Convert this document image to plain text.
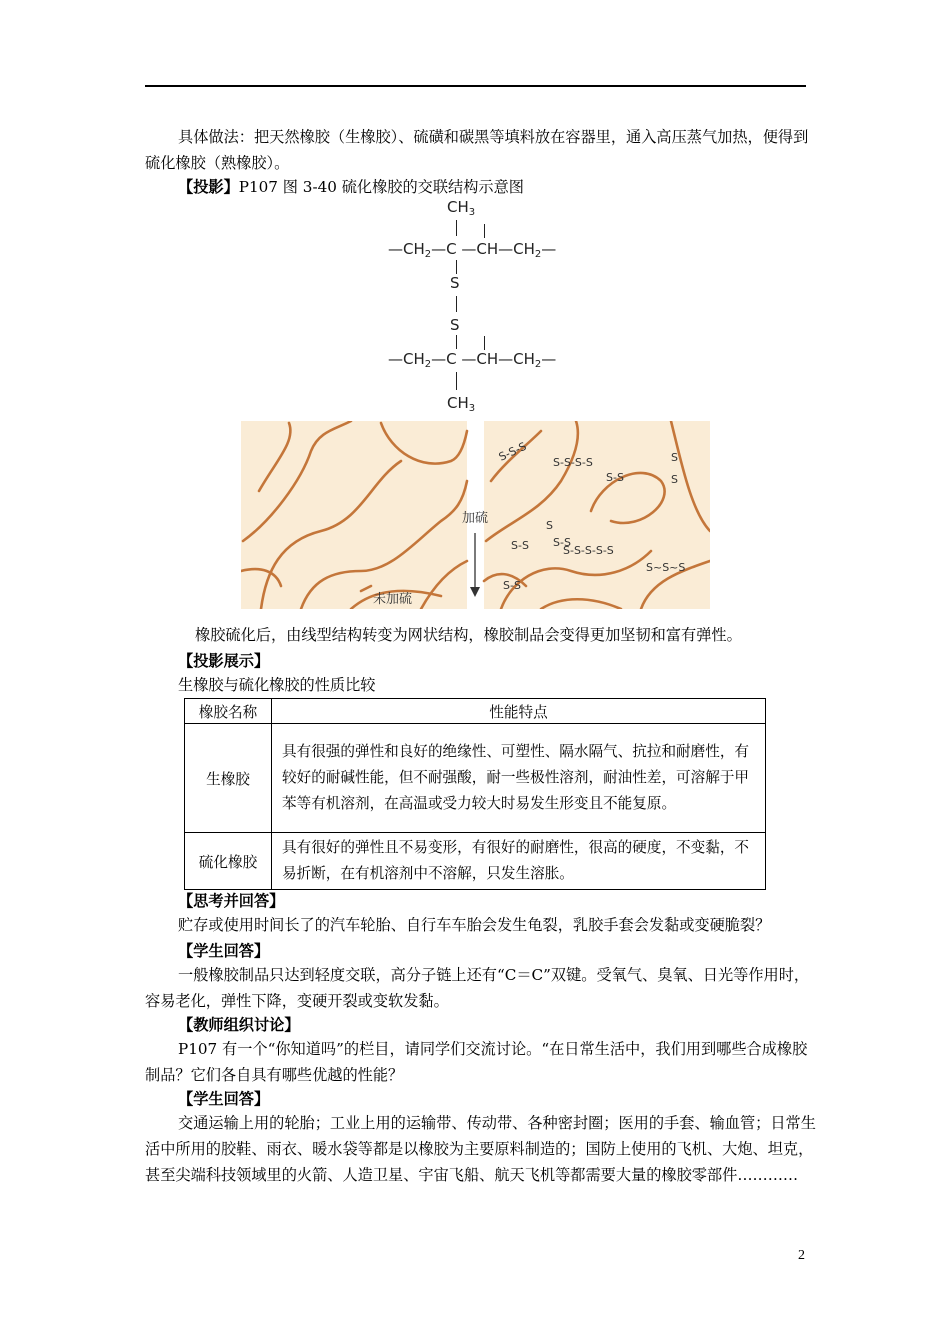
具体做法：把天然橡胶（生橡胶）、硫磺和碳黑等填料放在容器里，通入高压蒸气加热，便得到硫化橡胶（熟橡胶）。
【投影】P107 图 3-40 硫化橡胶的交联结构示意图
$CH_3$
$—CH_2—C$ $—CH—CH_2—$
S
S
$—CH_2—C$ $—CH—CH_2—$
$CH_3$
S-S-S S-S-S-S
S-S
S
S
S
S-S
S-S	S-S-S-S-S
S~S~S
S-S
加硫
未加硫
橡胶硫化后，由线型结构转变为网状结构，橡胶制品会变得更加坚韧和富有弹性。
【投影展示】
生橡胶与硫化橡胶的性质比较
橡胶名称	性能特点
生橡胶	具有很强的弹性和良好的绝缘性、可塑性、隔水隔气、抗拉和耐磨性，有较好的耐碱性能，但不耐强酸，耐一些极性溶剂，耐油性差，可溶解于甲苯等有机溶剂，在高温或受力较大时易发生形变且不能复原。
硫化橡胶	具有很好的弹性且不易变形，有很好的耐磨性，很高的硬度，不变黏，不易折断，在有机溶剂中不溶解，只发生溶胀。
【思考并回答】
贮存或使用时间长了的汽车轮胎、自行车车胎会发生龟裂，乳胶手套会发黏或变硬脆裂？
【学生回答】
一般橡胶制品只达到轻度交联，高分子链上还有“C＝C”双键。受氧气、臭氧、日光等作用时，容易老化，弹性下降，变硬开裂或变软发黏。
【教师组织讨论】
P107 有一个“你知道吗”的栏目，请同学们交流讨论。“在日常生活中，我们用到哪些合成橡胶制品？它们各自具有哪些优越的性能？
【学生回答】
交通运输上用的轮胎；工业上用的运输带、传动带、各种密封圈；医用的手套、输血管；日常生活中所用的胶鞋、雨衣、暖水袋等都是以橡胶为主要原料制造的；国防上使用的飞机、大炮、坦克，甚至尖端科技领域里的火箭、人造卫星、宇宙飞船、航天飞机等都需要大量的橡胶零部件…………
2
